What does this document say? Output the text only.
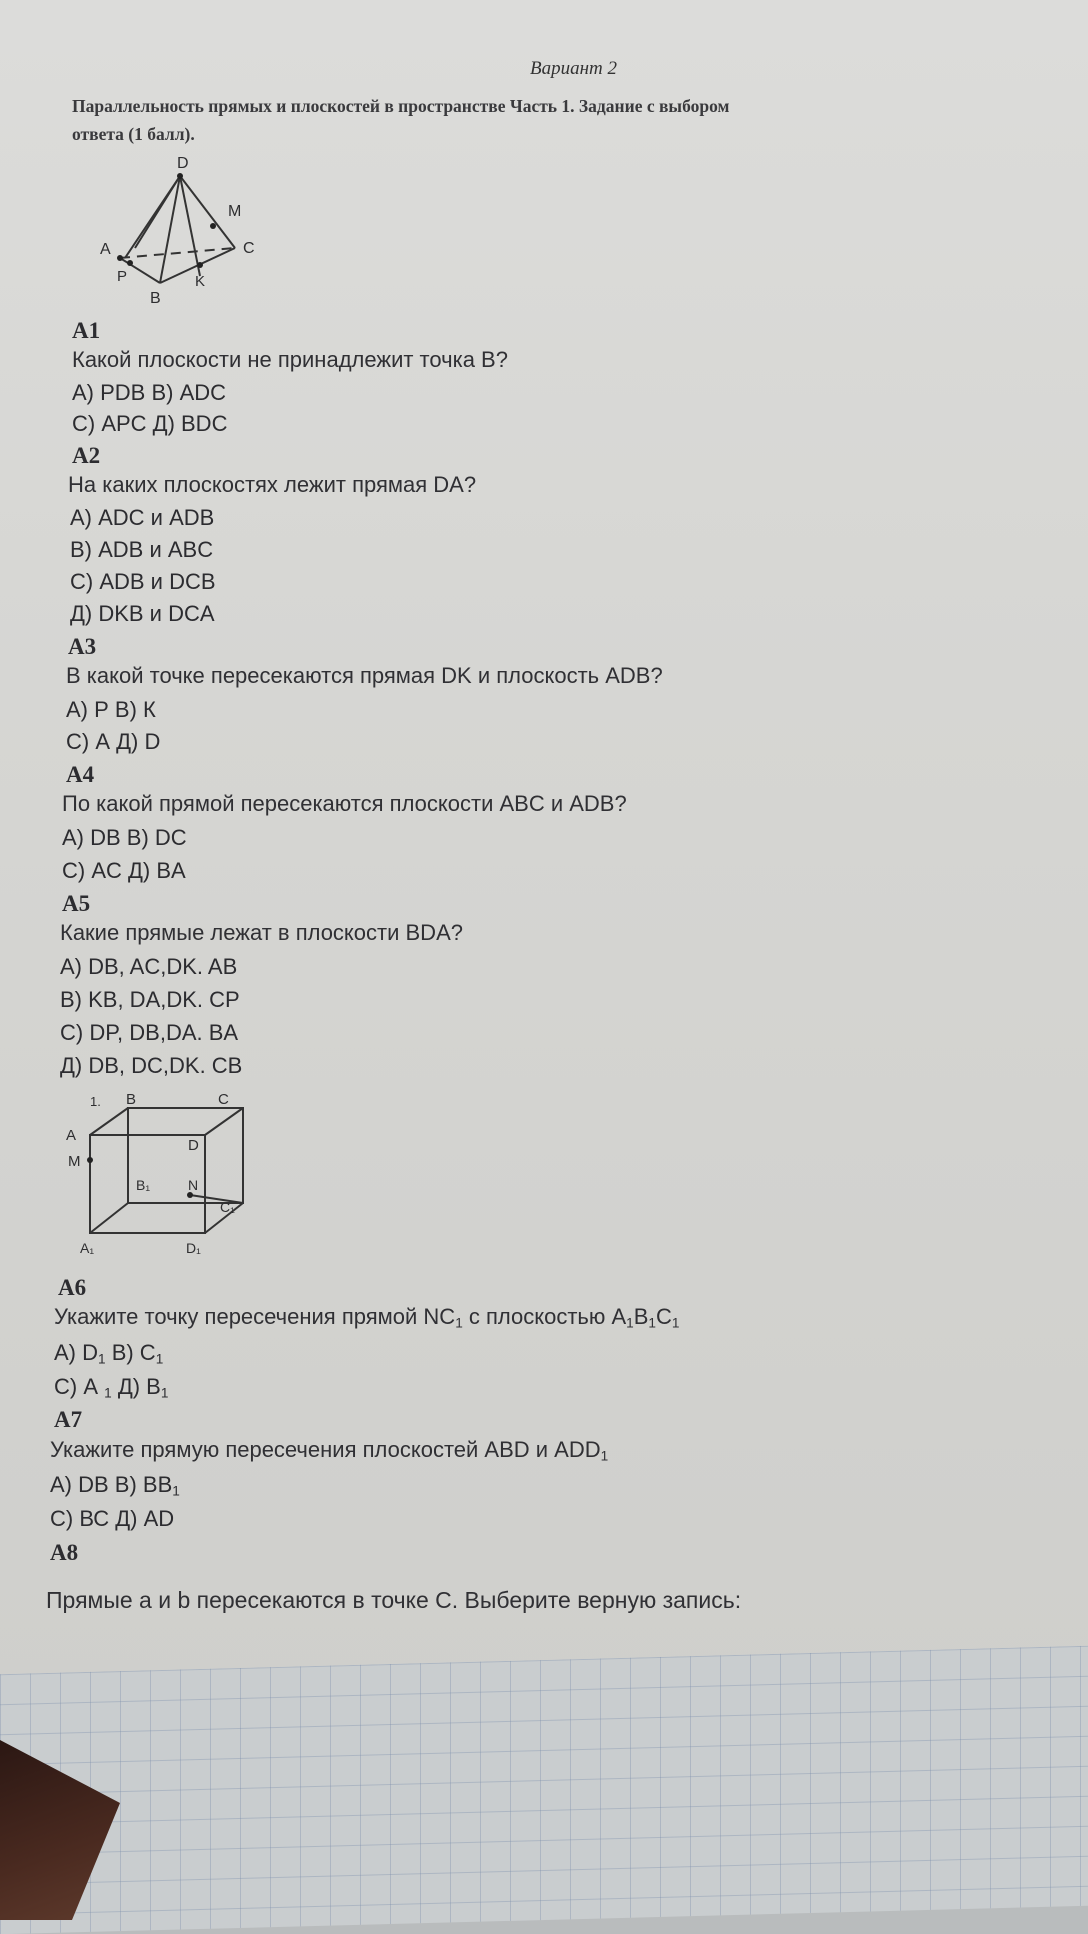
Вариант 2
Параллельность прямых и плоскостей в пространстве Часть 1. Задание с выбором
ответа (1 балл).
D
M
A	C
P	K
B
А1
Какой плоскости не принадлежит точка В?
А) PDB В) ADC
С) APC Д) BDC
А2
На каких плоскостях лежит прямая DA?
А) ADC и ADB
В) ADB и ABC
С) ADB и DCB
Д) DKB и DCA
А3
В какой точке пересекаются прямая DK и плоскость ADB?
А) Р В) К
С) А Д) D
А4
По какой прямой пересекаются плоскости ABC и ADB?
А) DB В) DC
С) AC Д) BA
А5
Какие прямые лежат в плоскости BDA?
А) DB, AC,DK. AB
В) KB, DA,DK. CP
С) DP, DB,DA. BA
Д) DB, DC,DK. CB
1. B	C
A
D
M
B₁	N
C₁
A₁	D₁
А6
Укажите точку пересечения прямой $NC_1$ с плоскостью $A_1B_1C_1$
А) $D_1$ В) $C_1$
С) А $_1$ Д) $В_1$
А7
Укажите прямую пересечения плоскостей ABD и $ADD_1$
А) DB В) $BB_1$
С) ВС Д) AD
А8
Прямые a и b пересекаются в точке С. Выберите верную запись:
